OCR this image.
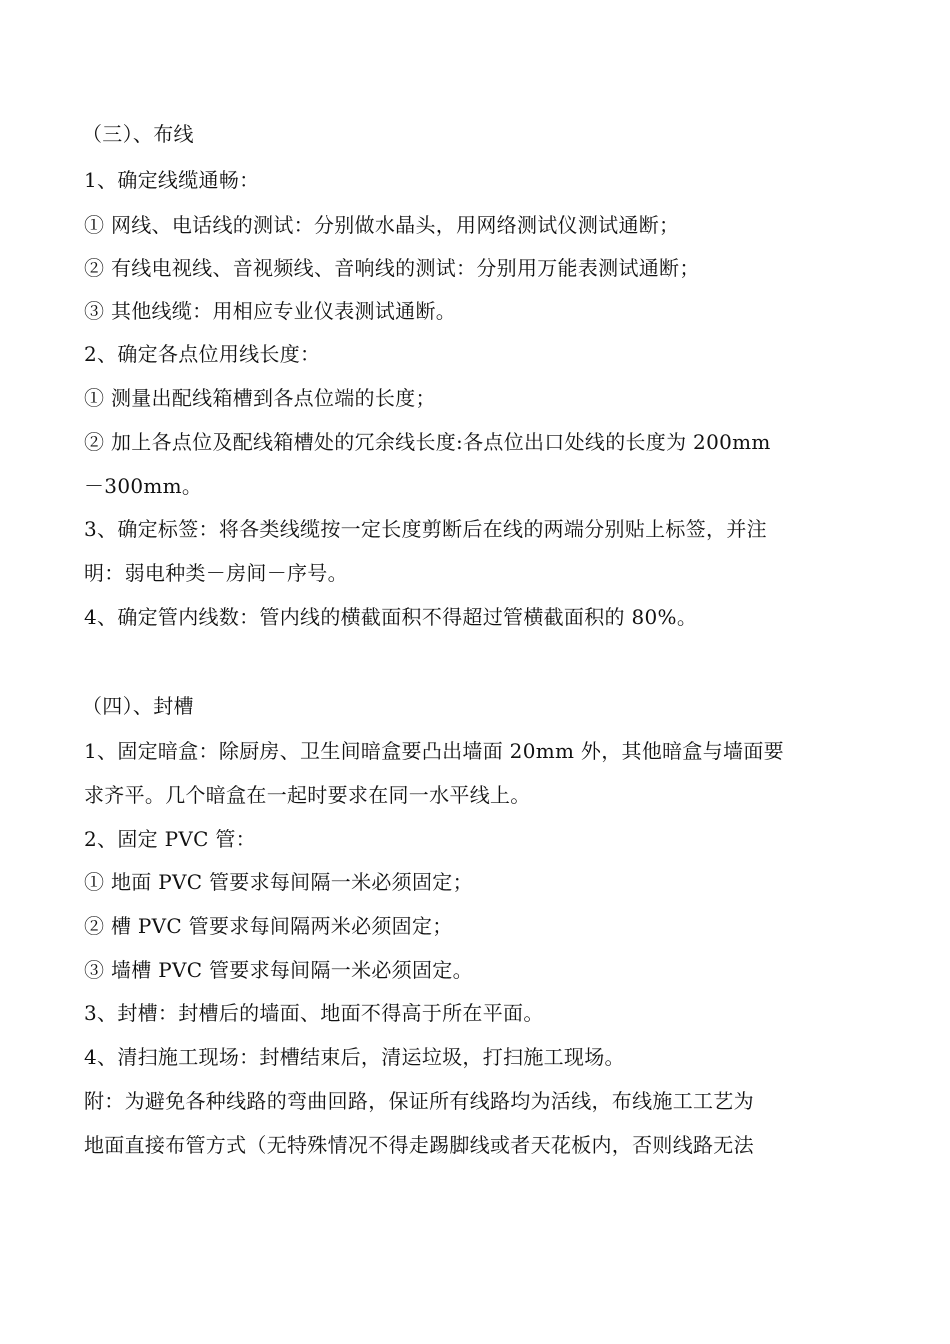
（三）、布线
1、确定线缆通畅：
① 网线、电话线的测试：分别做水晶头，用网络测试仪测试通断；
② 有线电视线、音视频线、音响线的测试：分别用万能表测试通断；
③ 其他线缆：用相应专业仪表测试通断。
2、确定各点位用线长度：
① 测量出配线箱槽到各点位端的长度；
② 加上各点位及配线箱槽处的冗余线长度:各点位出口处线的长度为 200mm
－300mm。
3、确定标签：将各类线缆按一定长度剪断后在线的两端分别贴上标签，并注
明：弱电种类－房间－序号。
4、确定管内线数：管内线的横截面积不得超过管横截面积的 80%。
（四）、封槽
1、固定暗盒：除厨房、卫生间暗盒要凸出墙面 20mm 外，其他暗盒与墙面要
求齐平。几个暗盒在一起时要求在同一水平线上。
2、固定 PVC 管：
① 地面 PVC 管要求每间隔一米必须固定；
② 槽 PVC 管要求每间隔两米必须固定；
③ 墙槽 PVC 管要求每间隔一米必须固定。
3、封槽：封槽后的墙面、地面不得高于所在平面。
4、清扫施工现场：封槽结束后，清运垃圾，打扫施工现场。
附：为避免各种线路的弯曲回路，保证所有线路均为活线，布线施工工艺为
地面直接布管方式（无特殊情况不得走踢脚线或者天花板内，否则线路无法
